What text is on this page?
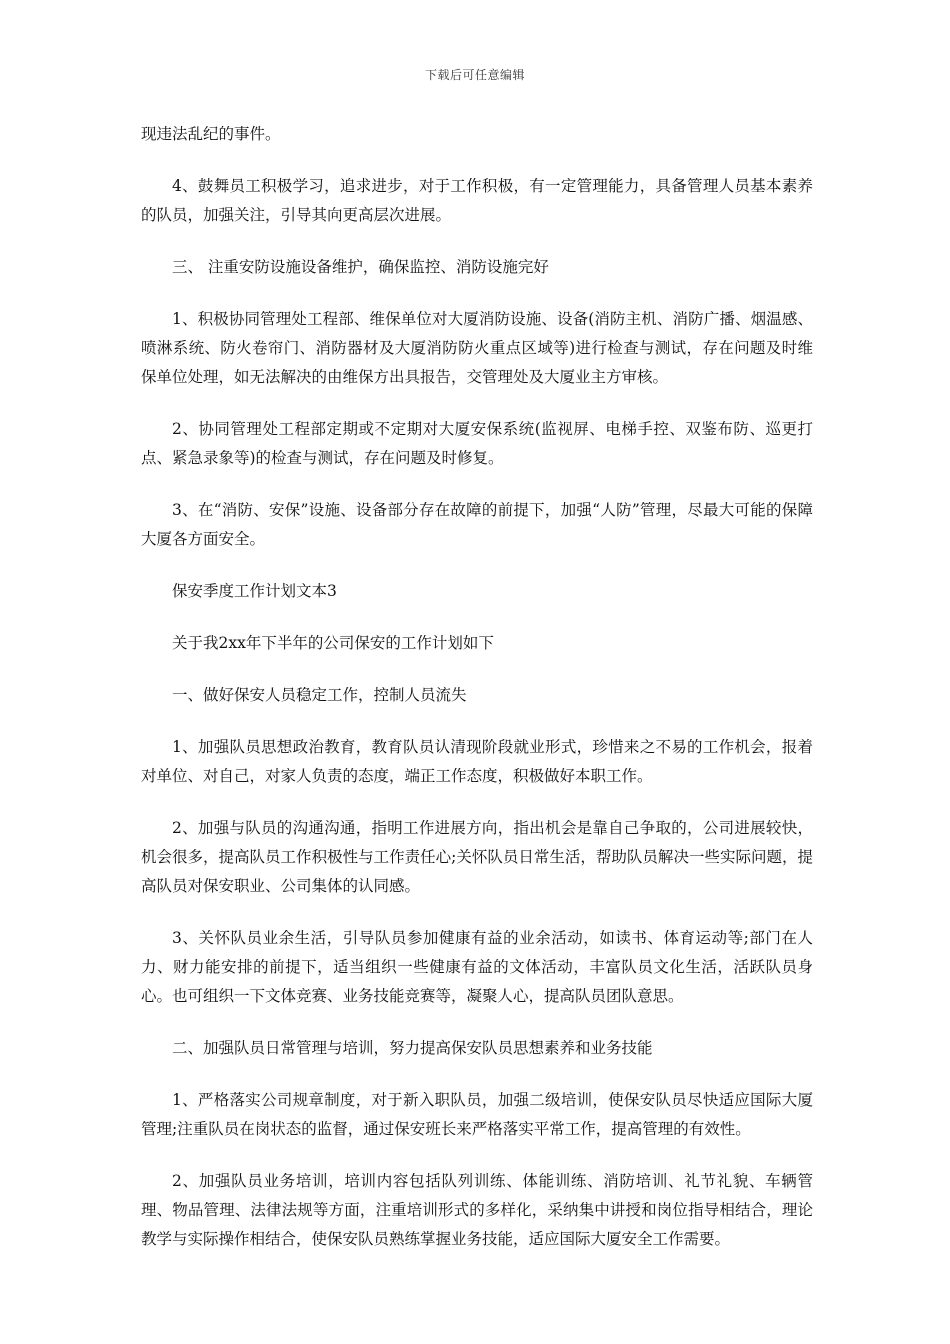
下载后可任意编辑

现违法乱纪的事件。

4、鼓舞员工积极学习，追求进步，对于工作积极，有一定管理能力，具备管理人员基本素养的队员，加强关注，引导其向更高层次进展。

三、 注重安防设施设备维护，确保监控、消防设施完好

1、积极协同管理处工程部、维保单位对大厦消防设施、设备(消防主机、消防广播、烟温感、喷淋系统、防火卷帘门、消防器材及大厦消防防火重点区域等)进行检查与测试，存在问题及时维保单位处理，如无法解决的由维保方出具报告，交管理处及大厦业主方审核。

2、协同管理处工程部定期或不定期对大厦安保系统(监视屏、电梯手控、双鉴布防、巡更打点、紧急录象等)的检查与测试，存在问题及时修复。

3、在“消防、安保”设施、设备部分存在故障的前提下，加强“人防”管理，尽最大可能的保障大厦各方面安全。

保安季度工作计划文本3

关于我2xx年下半年的公司保安的工作计划如下

一、做好保安人员稳定工作，控制人员流失

1、加强队员思想政治教育，教育队员认清现阶段就业形式，珍惜来之不易的工作机会，报着对单位、对自己，对家人负责的态度，端正工作态度，积极做好本职工作。

2、加强与队员的沟通沟通，指明工作进展方向，指出机会是靠自己争取的，公司进展较快，机会很多，提高队员工作积极性与工作责任心;关怀队员日常生活，帮助队员解决一些实际问题，提高队员对保安职业、公司集体的认同感。

3、关怀队员业余生活，引导队员参加健康有益的业余活动，如读书、体育运动等;部门在人力、财力能安排的前提下，适当组织一些健康有益的文体活动，丰富队员文化生活，活跃队员身心。也可组织一下文体竞赛、业务技能竞赛等，凝聚人心，提高队员团队意思。

二、加强队员日常管理与培训，努力提高保安队员思想素养和业务技能

1、严格落实公司规章制度，对于新入职队员，加强二级培训，使保安队员尽快适应国际大厦管理;注重队员在岗状态的监督，通过保安班长来严格落实平常工作，提高管理的有效性。

2、加强队员业务培训，培训内容包括队列训练、体能训练、消防培训、礼节礼貌、车辆管理、物品管理、法律法规等方面，注重培训形式的多样化，采纳集中讲授和岗位指导相结合，理论教学与实际操作相结合，使保安队员熟练掌握业务技能，适应国际大厦安全工作需要。
